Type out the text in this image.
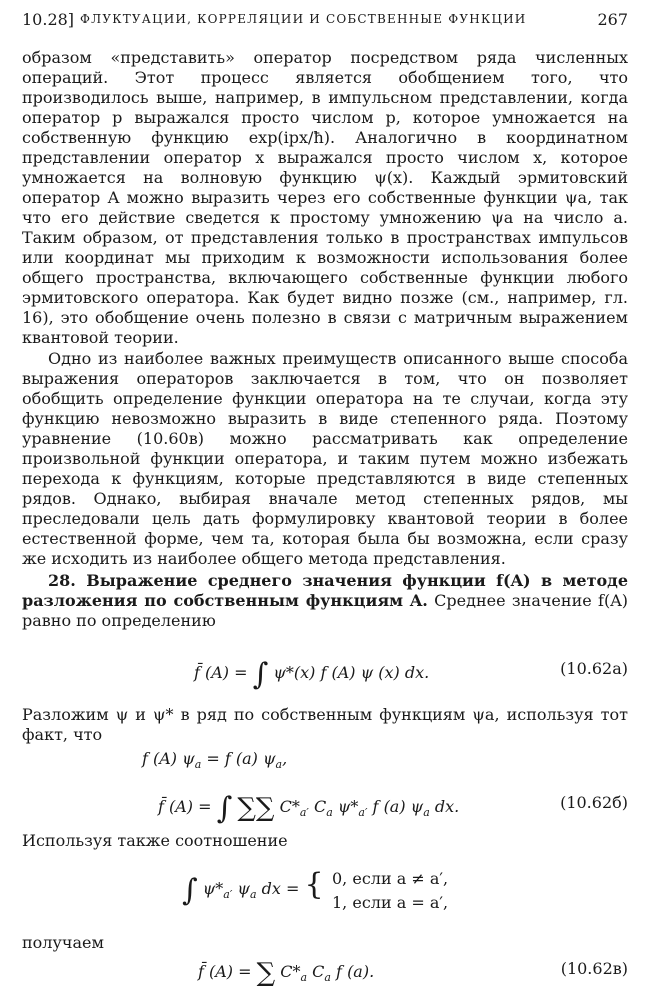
10.28] ФЛУКТУАЦИИ, КОРРЕЛЯЦИИ И СОБСТВЕННЫЕ ФУНКЦИИ	267

образом «представить» оператор посредством ряда численных операций. Этот процесс является обобщением того, что производилось выше, например, в импульсном представлении, когда оператор p выражался просто числом p, которое умножается на собственную функцию exp(ipx/ħ). Аналогично в координатном представлении оператор x выражался просто числом x, которое умножается на волновую функцию ψ(x). Каждый эрмитовский оператор A можно выразить через его собственные функции ψa, так что его действие сведется к простому умножению ψa на число a. Таким образом, от представления только в пространствах импульсов или координат мы приходим к возможности использования более общего пространства, включающего собственные функции любого эрмитовского оператора. Как будет видно позже (см., например, гл. 16), это обобщение очень полезно в связи с матричным выражением квантовой теории.

Одно из наиболее важных преимуществ описанного выше способа выражения операторов заключается в том, что он позволяет обобщить определение функции оператора на те случаи, когда эту функцию невозможно выразить в виде степенного ряда. Поэтому уравнение (10.60в) можно рассматривать как определение произвольной функции оператора, и таким путем можно избежать перехода к функциям, которые представляются в виде степенных рядов. Однако, выбирая вначале метод степенных рядов, мы преследовали цель дать формулировку квантовой теории в более естественной форме, чем та, которая была бы возможна, если сразу же исходить из наиболее общего метода представления.

28. Выражение среднего значения функции f(A) в методе разложения по собственным функциям A. Среднее значение f(A) равно по определению

f̄ (A) = ∫ ψ*(x) f (A) ψ (x) dx.	(10.62а)

Разложим ψ и ψ* в ряд по собственным функциям ψa, используя тот факт, что

f (A) $\psi_a = f$ (a) $\psi_a$,
f̄ (A) = ∫ ∑∑ $C*_{a'}$ $C_a$ $\psi*_{a'}$ f (a) $\psi_a$ dx.	(10.62б)

Используя также соотношение

∫ $\psi*_{a'}$ $\psi_a$ dx = { 0, если a ≠ a′,
1, если a = a′,

получаем

f̄ (A) = ∑ $C*_a$ $C_a$ f (a).	(10.62в)
